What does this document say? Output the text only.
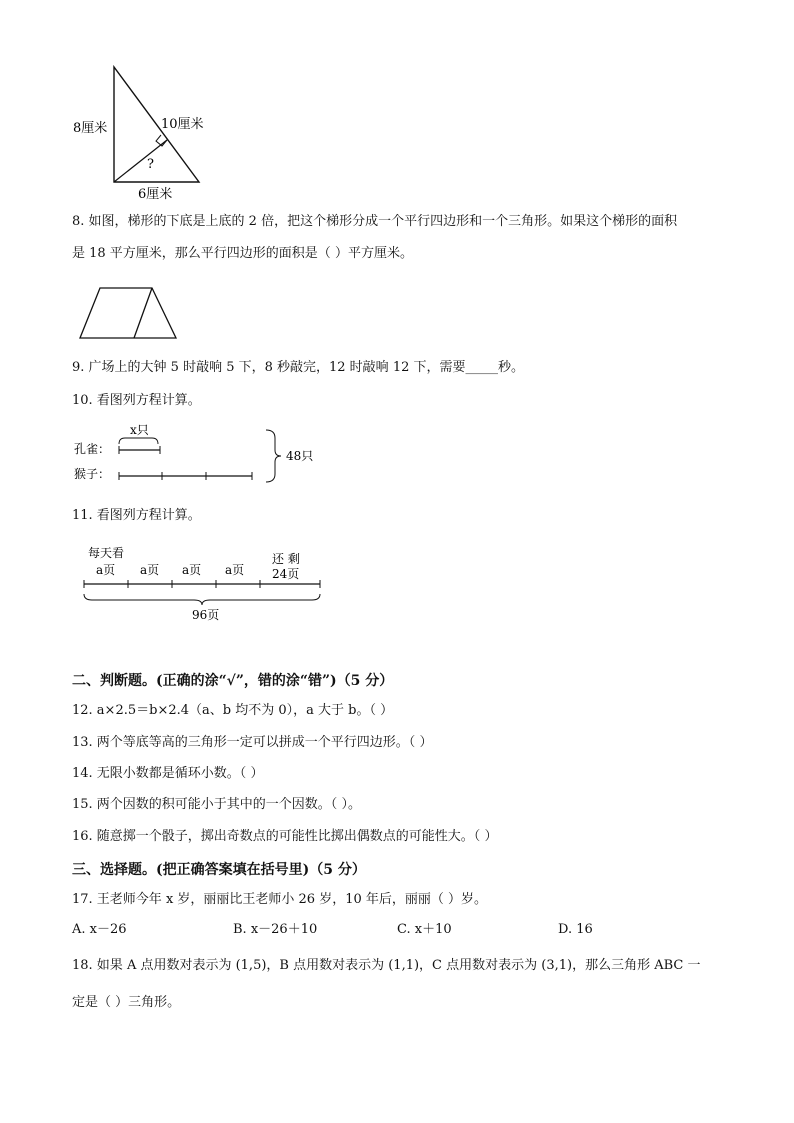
8厘米	10厘米
?
6厘米
8. 如图，梯形的下底是上底的 2 倍，把这个梯形分成一个平行四边形和一个三角形。如果这个梯形的面积
是 18 平方厘米，那么平行四边形的面积是（ ）平方厘米。
9. 广场上的大钟 5 时敲响 5 下，8 秒敲完，12 时敲响 12 下，需要_____秒。
10. 看图列方程计算。
x只
孔雀：
猴子：
48只
11. 看图列方程计算。
每天看
a页 a页 a页 a页
还 剩
24页
96页
二、判断题。(正确的涂“√”，错的涂“错”)（5 分）
12. a×2.5＝b×2.4（a、b 均不为 0），a 大于 b。（ ）
13. 两个等底等高的三角形一定可以拼成一个平行四边形。（ ）
14. 无限小数都是循环小数。（ ）
15. 两个因数的积可能小于其中的一个因数。（ ）。
16. 随意掷一个骰子，掷出奇数点的可能性比掷出偶数点的可能性大。（ ）
三、选择题。(把正确答案填在括号里)（5 分）
17. 王老师今年 x 岁，丽丽比王老师小 26 岁，10 年后，丽丽（ ）岁。
A. x－26	B. x－26＋10	C. x＋10	D. 16
18. 如果 A 点用数对表示为 (1,5)，B 点用数对表示为 (1,1)，C 点用数对表示为 (3,1)，那么三角形 ABC 一
定是（ ）三角形。
